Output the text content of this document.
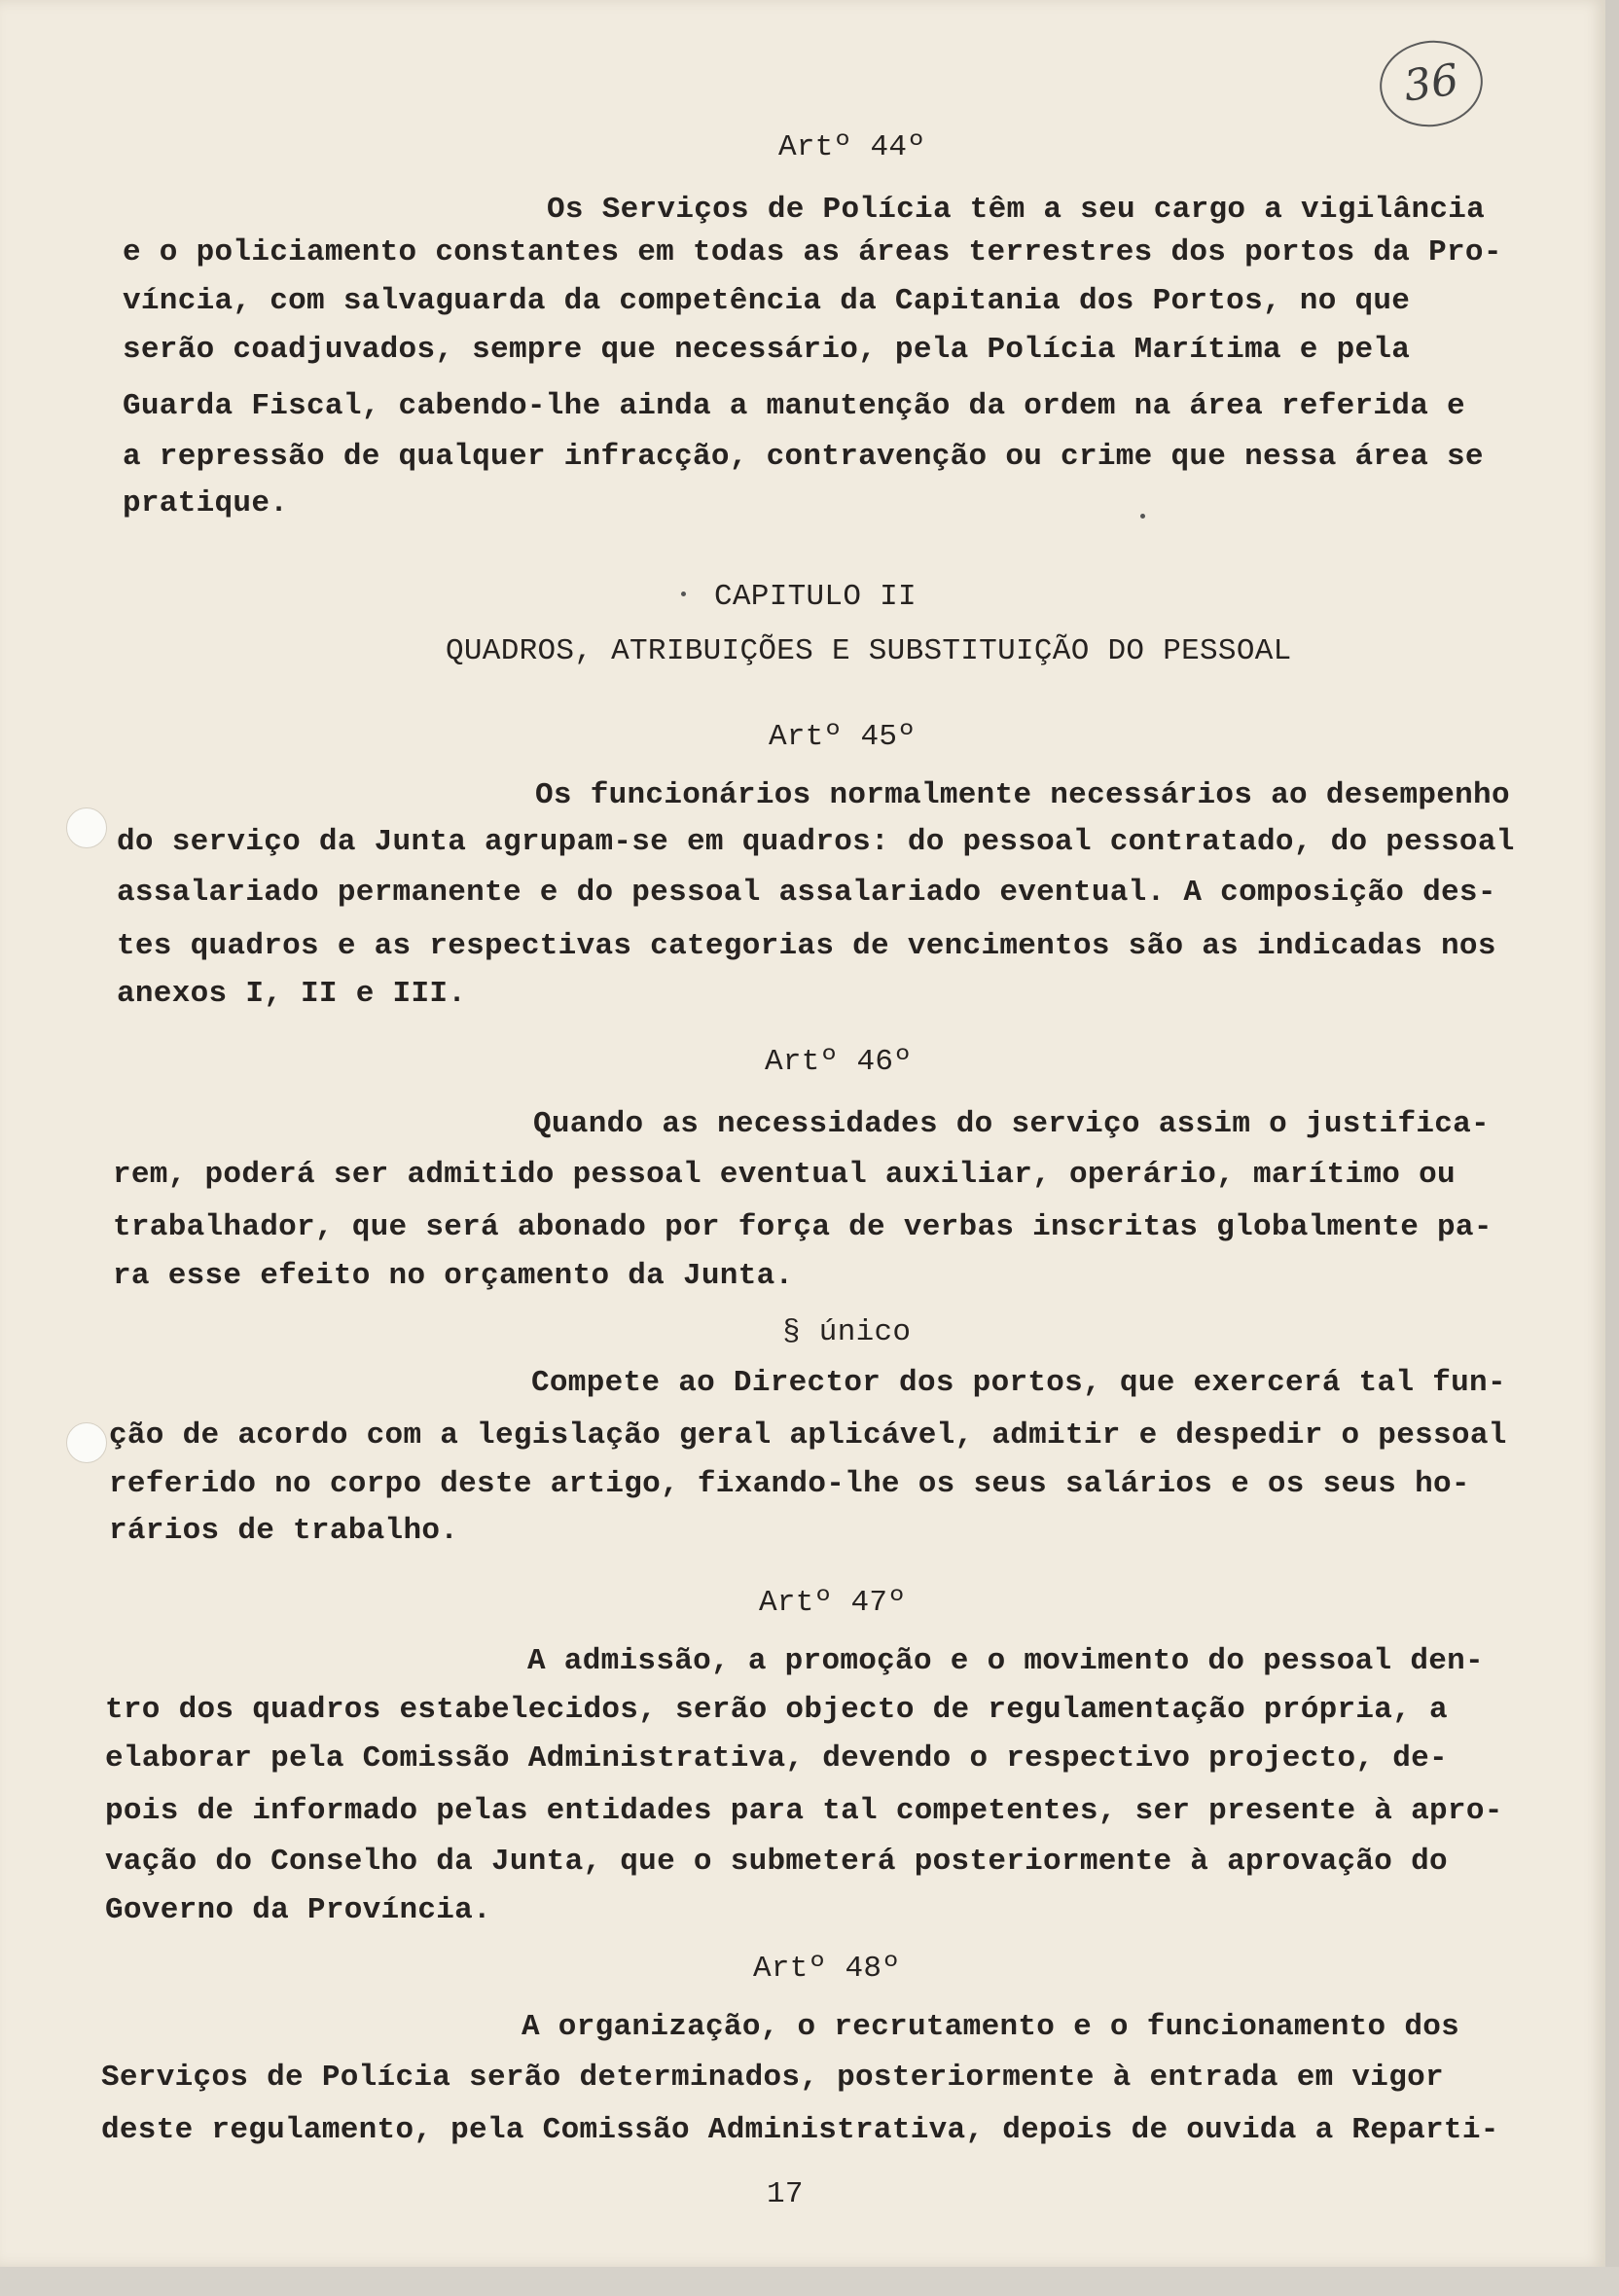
36

Artº 44º

Os Serviços de Polícia têm a seu cargo a vigilância

e o policiamento constantes em todas as áreas terrestres dos portos da Pro-

víncia, com salvaguarda da competência da Capitania dos Portos, no que

serão coadjuvados, sempre que necessário, pela Polícia Marítima e pela

Guarda Fiscal, cabendo-lhe ainda a manutenção da ordem na área referida e

a repressão de qualquer infracção, contravenção ou crime que nessa área se

pratique.

CAPITULO II

QUADROS, ATRIBUIÇÕES E SUBSTITUIÇÃO DO PESSOAL

Artº 45º

Os funcionários normalmente necessários ao desempenho

do serviço da Junta agrupam-se em quadros: do pessoal contratado, do pessoal

assalariado permanente e do pessoal assalariado eventual. A composição des-

tes quadros e as respectivas categorias de vencimentos são as indicadas nos

anexos I, II e III.

Artº 46º

Quando as necessidades do serviço assim o justifica-

rem, poderá ser admitido pessoal eventual auxiliar, operário, marítimo ou

trabalhador, que será abonado por força de verbas inscritas globalmente pa-

ra esse efeito no orçamento da Junta.

§ único

Compete ao Director dos portos, que exercerá tal fun-

ção de acordo com a legislação geral aplicável, admitir e despedir o pessoal

referido no corpo deste artigo, fixando-lhe os seus salários e os seus ho-

rários de trabalho.

Artº 47º

A admissão, a promoção e o movimento do pessoal den-

tro dos quadros estabelecidos, serão objecto de regulamentação própria, a

elaborar pela Comissão Administrativa, devendo o respectivo projecto, de-

pois de informado pelas entidades para tal competentes, ser presente à apro-

vação do Conselho da Junta, que o submeterá posteriormente à aprovação do

Governo da Província.

Artº 48º

A organização, o recrutamento e o funcionamento dos

Serviços de Polícia serão determinados, posteriormente à entrada em vigor

deste regulamento, pela Comissão Administrativa, depois de ouvida a Reparti-

17
